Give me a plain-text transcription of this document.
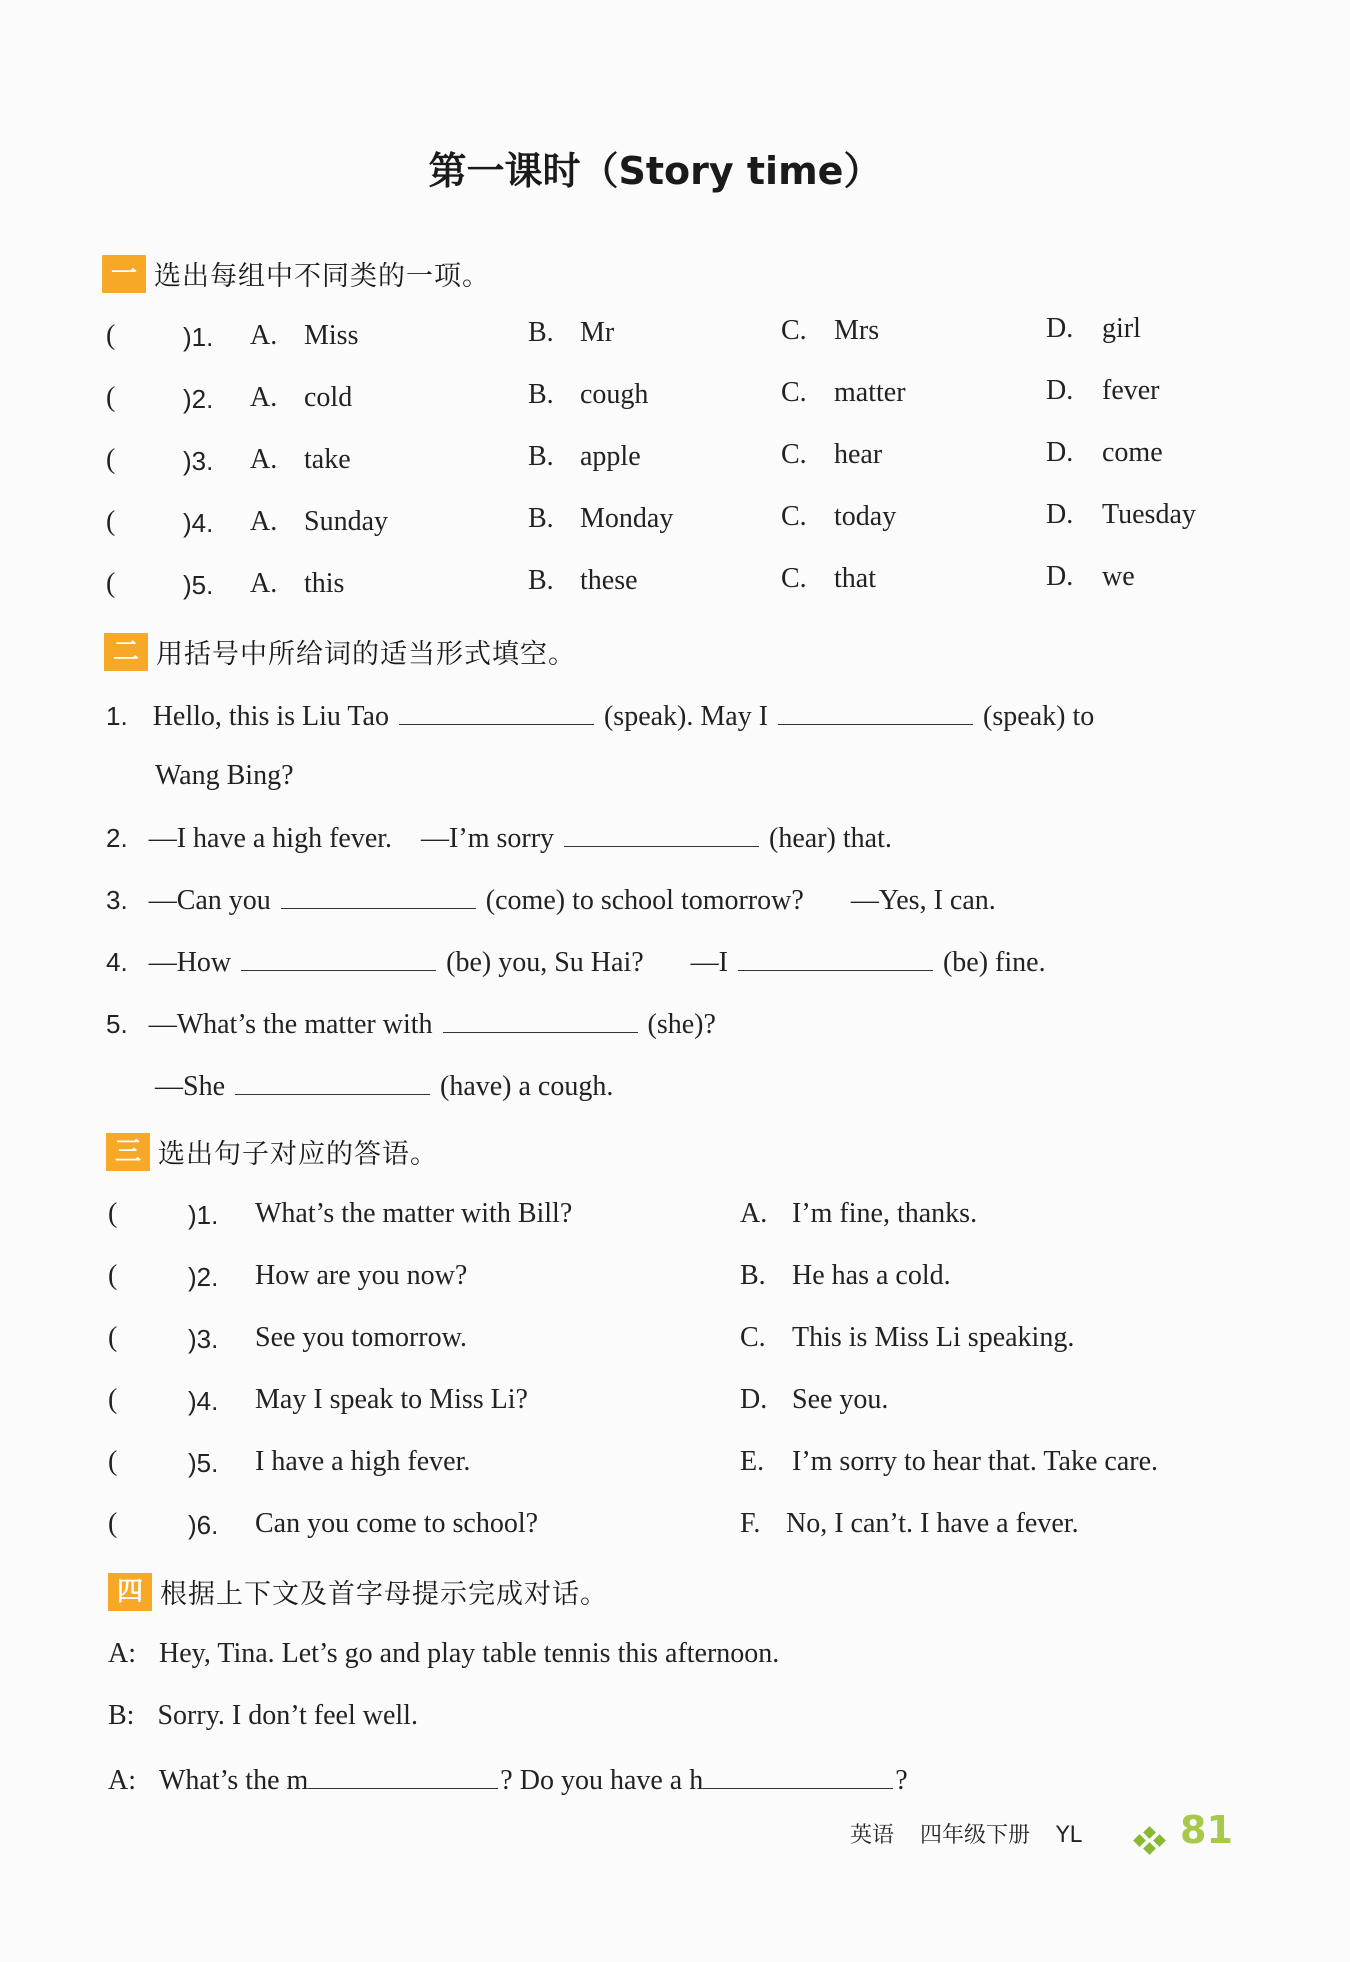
第一课时（Story time）
一 选出每组中不同类的一项。
(	)1. A. Miss	B. Mr	C. Mrs	D. girl
(	)2. A. cold	B. cough	C. matter	D. fever
(	)3. A. take	B. apple	C. hear	D. come
(	)4. A. Sunday	B. Monday	C. today	D. Tuesday
(	)5. A. this	B. these	C. that	D. we
二 用括号中所给词的适当形式填空。
1. Hello, this is Liu Tao	(speak). May I	(speak) to
Wang Bing?
2. —I have a high fever. —I’m sorry	(hear) that.
3. —Can you	(come) to school tomorrow? —Yes, I can.
4. —How	(be) you, Su Hai? —I	(be) fine.
5. —What’s the matter with	(she)?
—She	(have) a cough.
三 选出句子对应的答语。
(	)1. What’s the matter with Bill?	A. I’m fine, thanks.
(	)2. How are you now?	B. He has a cold.
(	)3. See you tomorrow.	C. This is Miss Li speaking.
(	)4. May I speak to Miss Li?	D. See you.
(	)5. I have a high fever.	E. I’m sorry to hear that. Take care.
(	)6. Can you come to school?	F. No, I can’t. I have a fever.
四 根据上下文及首字母提示完成对话。
A: Hey, Tina. Let’s go and play table tennis this afternoon.
B: Sorry. I don’t feel well.
A: What’s the m	? Do you have a h	?
英语 四年级下册 YL	81
